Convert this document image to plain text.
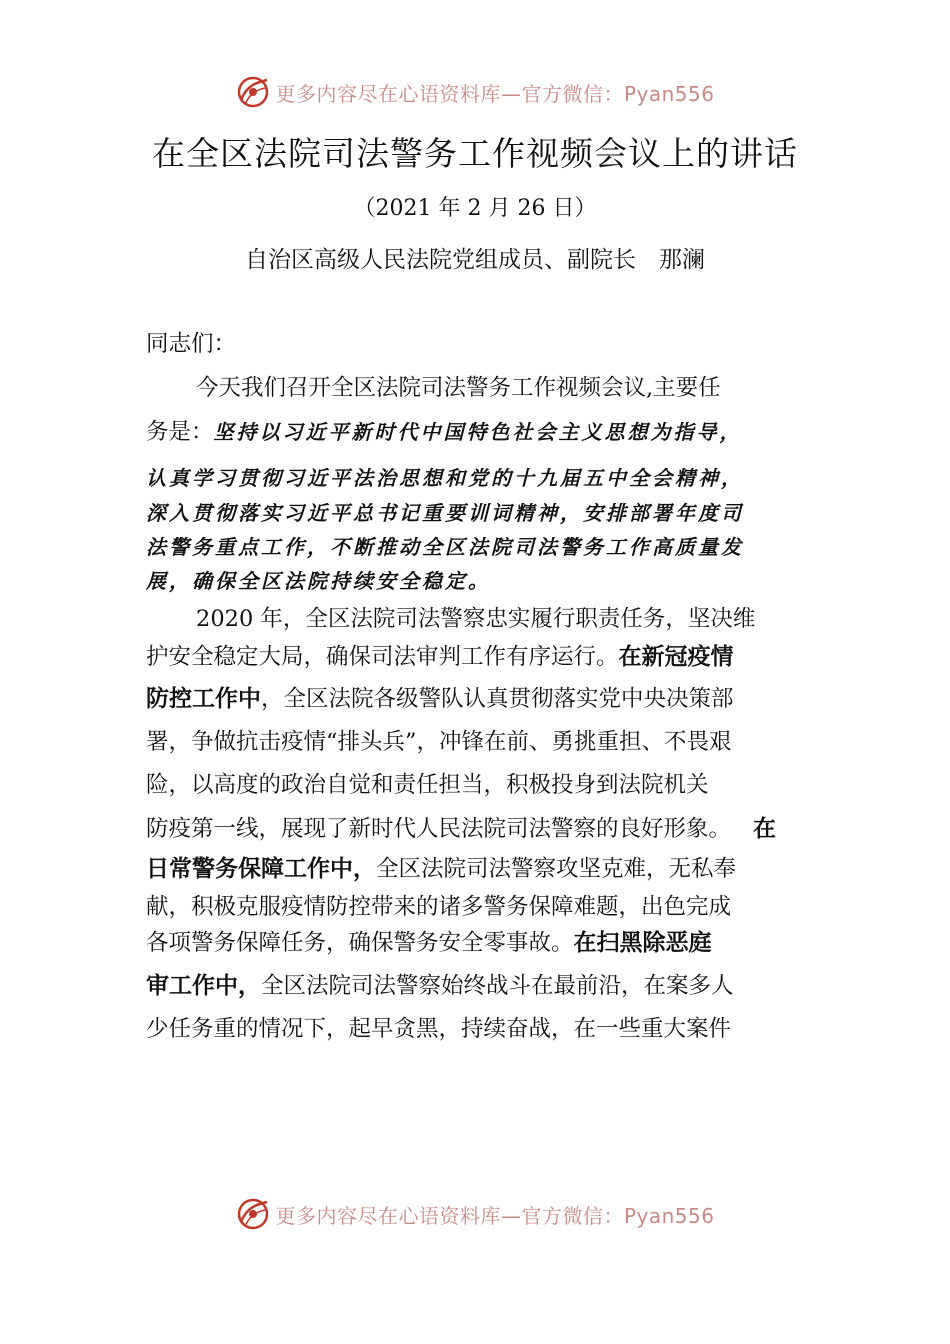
更多内容尽在心语资料库—官方微信：Pyan556
在全区法院司法警务工作视频会议上的讲话
（2021 年 2 月 26 日）
自治区高级人民法院党组成员、副院长　那澜
同志们：
今天我们召开全区法院司法警务工作视频会议,主要任
务是：坚持以习近平新时代中国特色社会主义思想为指导，
认真学习贯彻习近平法治思想和党的十九届五中全会精神，
深入贯彻落实习近平总书记重要训词精神，安排部署年度司
法警务重点工作，不断推动全区法院司法警务工作高质量发
展，确保全区法院持续安全稳定。
2020 年，全区法院司法警察忠实履行职责任务，坚决维
护安全稳定大局，确保司法审判工作有序运行。在新冠疫情
防控工作中，全区法院各级警队认真贯彻落实党中央决策部
署，争做抗击疫情“排头兵”，冲锋在前、勇挑重担、不畏艰
险，以高度的政治自觉和责任担当，积极投身到法院机关
防疫第一线，展现了新时代人民法院司法警察的良好形象。 在
日常警务保障工作中，全区法院司法警察攻坚克难，无私奉
献，积极克服疫情防控带来的诸多警务保障难题，出色完成
各项警务保障任务，确保警务安全零事故。在扫黑除恶庭
审工作中，全区法院司法警察始终战斗在最前沿，在案多人
少任务重的情况下，起早贪黑，持续奋战，在一些重大案件
更多内容尽在心语资料库—官方微信：Pyan556
